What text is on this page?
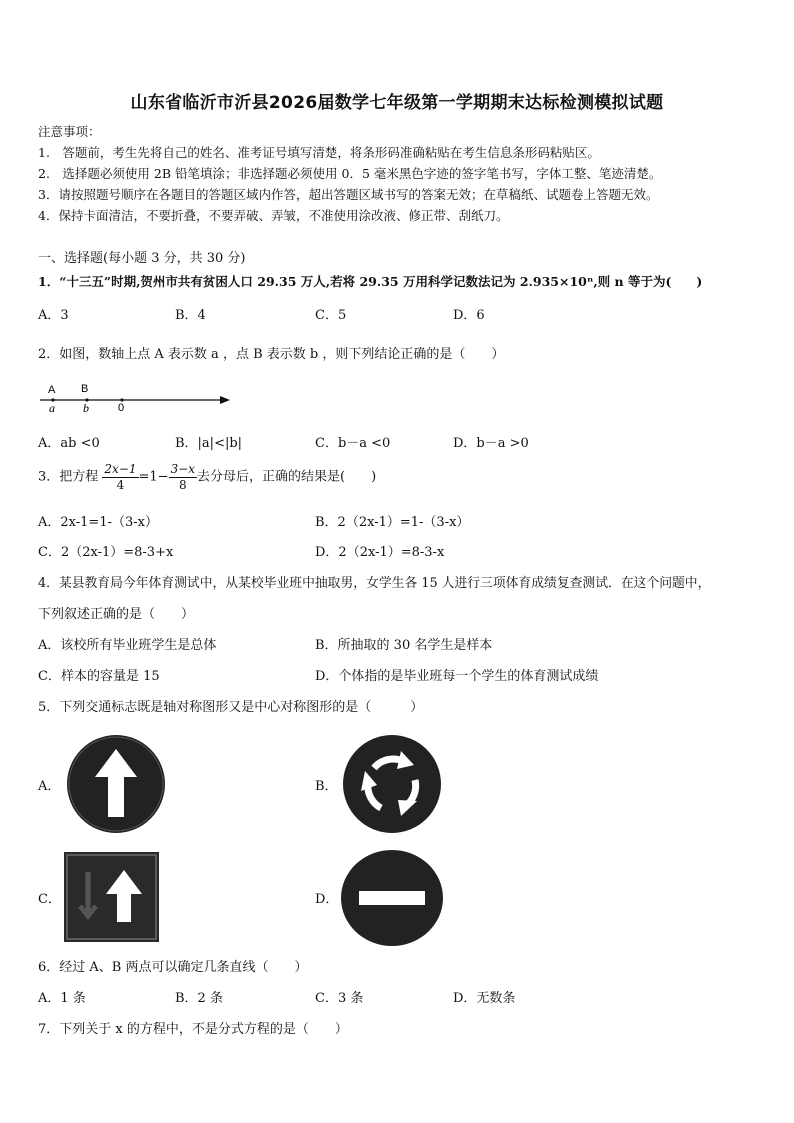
山东省临沂市沂县2026届数学七年级第一学期期末达标检测模拟试题
注意事项：
1.　答题前，考生先将自己的姓名、准考证号填写清楚，将条形码准确粘贴在考生信息条形码粘贴区。
2.　选择题必须使用 2B 铅笔填涂；非选择题必须使用 0．5 毫米黑色字迹的签字笔书写，字体工整、笔迹清楚。
3．请按照题号顺序在各题目的答题区域内作答，超出答题区域书写的答案无效；在草稿纸、试题卷上答题无效。
4．保持卡面清洁，不要折叠，不要弄破、弄皱，不准使用涂改液、修正带、刮纸刀。
一、选择题(每小题 3 分，共 30 分)
1．“十三五”时期,贺州市共有贫困人口 29.35 万人,若将 29.35 万用科学记数法记为 2.935×10ⁿ,则 n 等于为(　　)
A．3	B．4	C．5	D．6
2．如图，数轴上点 A 表示数 a ，点 B 表示数 b ，则下列结论正确的是（　　）
A B
a b	0
A．ab <0	B．|a|<|b|	C．b－a <0	D．b－a >0
3．把方程 $\frac{2x-1}{4} =1- \frac{3-x}{8}$ 去分母后，正确的结果是(　　)
A．2x-1=1-（3-x）	B．2（2x-1）=1-（3-x）
C．2（2x-1）=8-3+x	D．2（2x-1）=8-3-x
4．某县教育局今年体育测试中，从某校毕业班中抽取男，女学生各 15 人进行三项体育成绩复查测试．在这个问题中，
下列叙述正确的是（　　）
A．该校所有毕业班学生是总体	B．所抽取的 30 名学生是样本
C．样本的容量是 15	D．个体指的是毕业班每一个学生的体育测试成绩
5．下列交通标志既是轴对称图形又是中心对称图形的是（　　　）
A．	B．
C．	D．
6．经过 A、B 两点可以确定几条直线（　　）
A．1 条	B．2 条	C．3 条	D．无数条
7．下列关于 x 的方程中，不是分式方程的是（　　）
